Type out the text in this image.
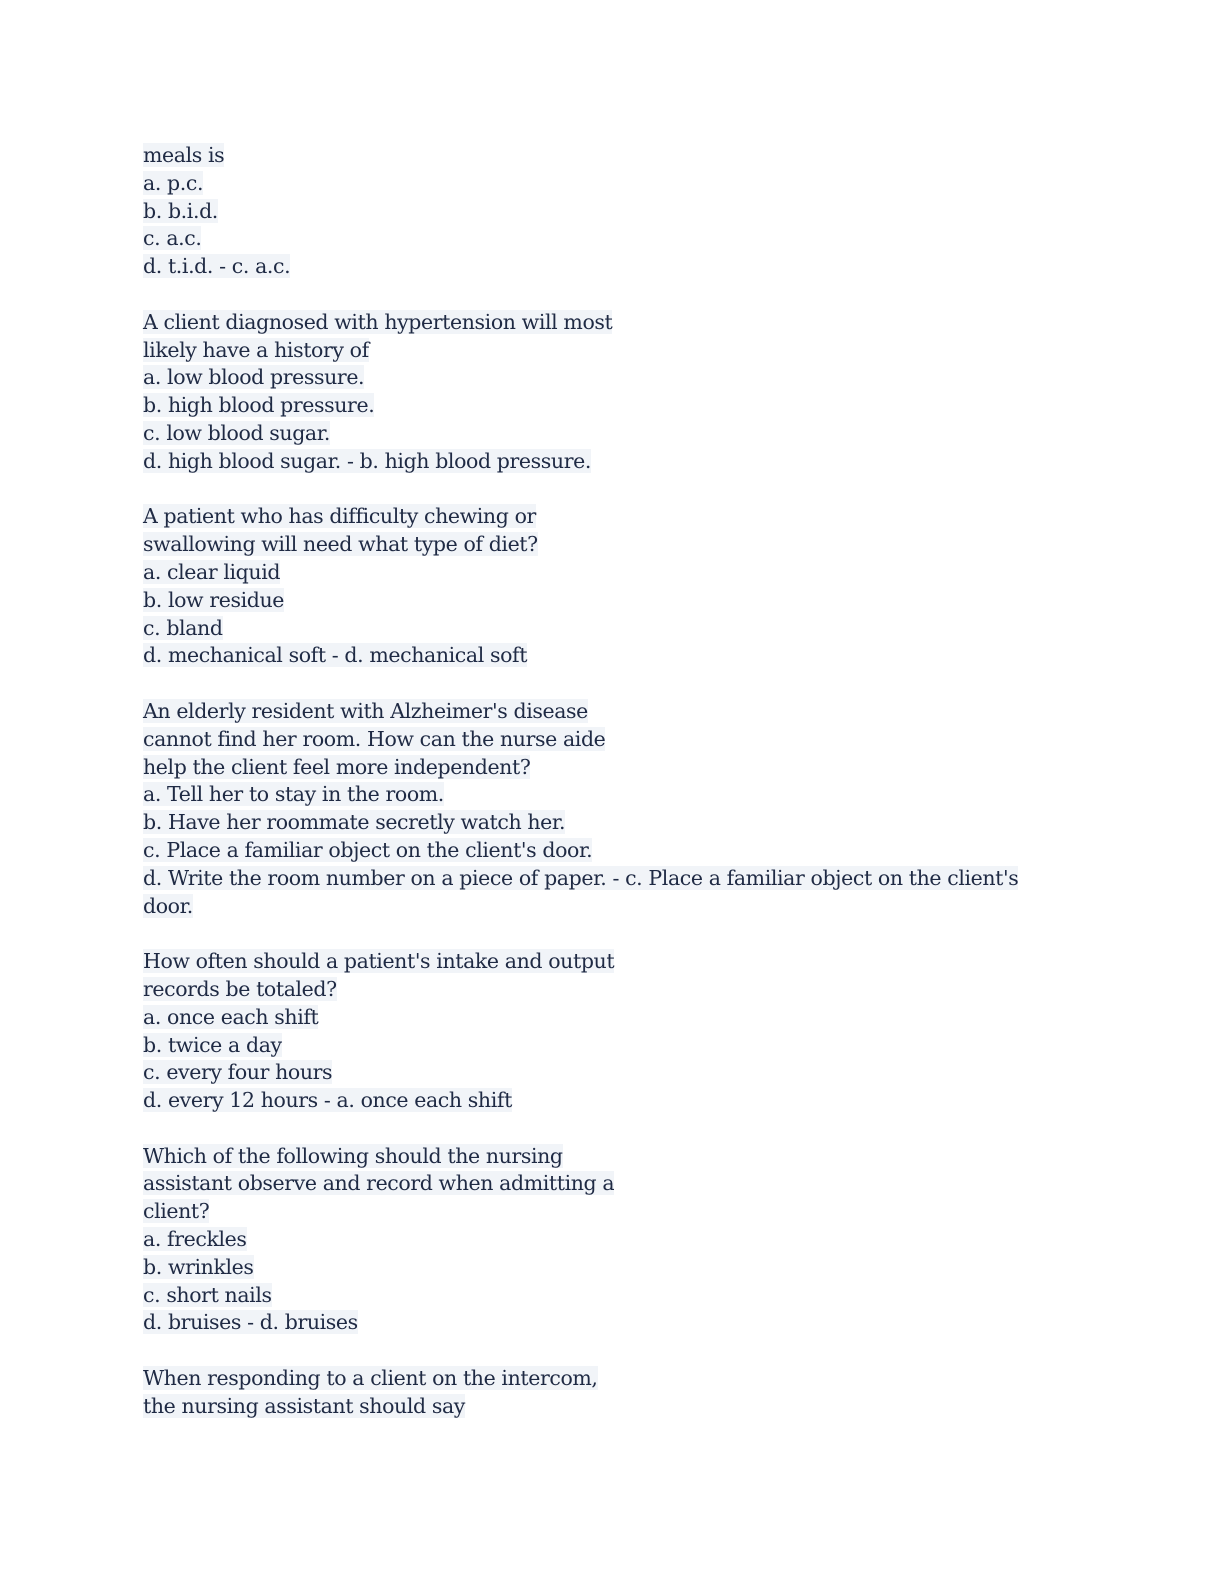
meals is
a. p.c.
b. b.i.d.
c. a.c.
d. t.i.d. - c. a.c.
A client diagnosed with hypertension will most
likely have a history of
a. low blood pressure.
b. high blood pressure.
c. low blood sugar.
d. high blood sugar. - b. high blood pressure.
A patient who has difficulty chewing or
swallowing will need what type of diet?
a. clear liquid
b. low residue
c. bland
d. mechanical soft - d. mechanical soft
An elderly resident with Alzheimer's disease
cannot find her room. How can the nurse aide
help the client feel more independent?
a. Tell her to stay in the room.
b. Have her roommate secretly watch her.
c. Place a familiar object on the client's door.
d. Write the room number on a piece of paper. - c. Place a familiar object on the client's
door.
How often should a patient's intake and output
records be totaled?
a. once each shift
b. twice a day
c. every four hours
d. every 12 hours - a. once each shift
Which of the following should the nursing
assistant observe and record when admitting a
client?
a. freckles
b. wrinkles
c. short nails
d. bruises - d. bruises
When responding to a client on the intercom,
the nursing assistant should say
